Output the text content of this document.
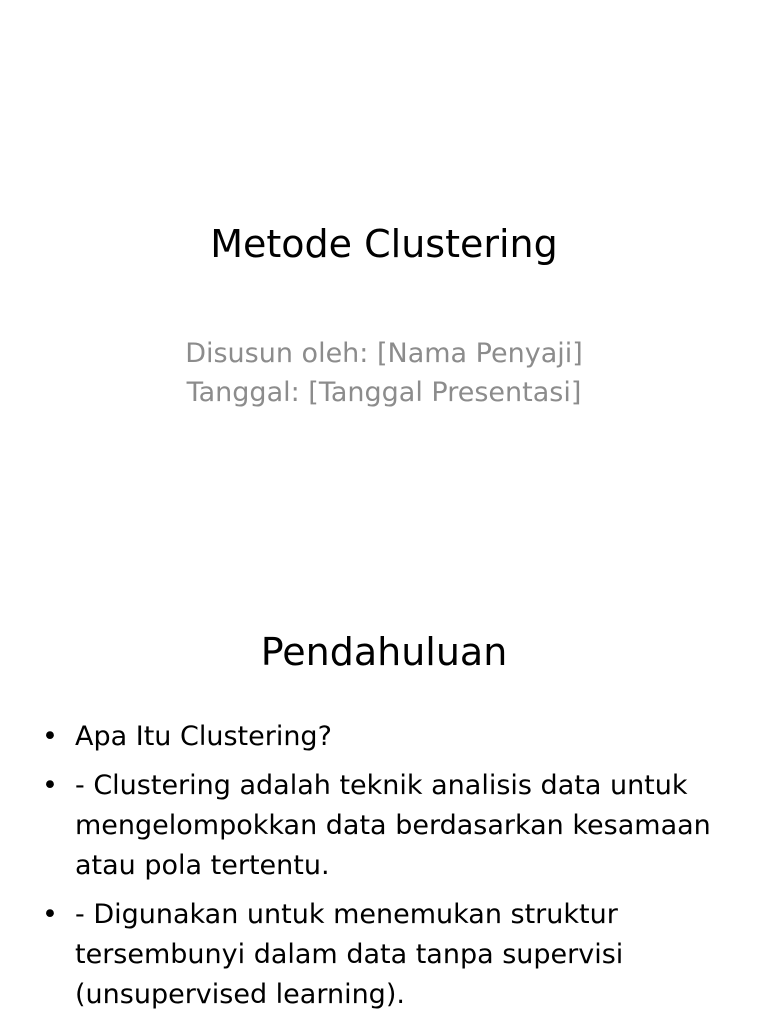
Metode Clustering
Disusun oleh: [Nama Penyaji]
Tanggal: [Tanggal Presentasi]
Pendahuluan
• Apa Itu Clustering?
• - Clustering adalah teknik analisis data untuk mengelompokkan data berdasarkan kesamaan atau pola tertentu.
• - Digunakan untuk menemukan struktur tersembunyi dalam data tanpa supervisi (unsupervised learning).
